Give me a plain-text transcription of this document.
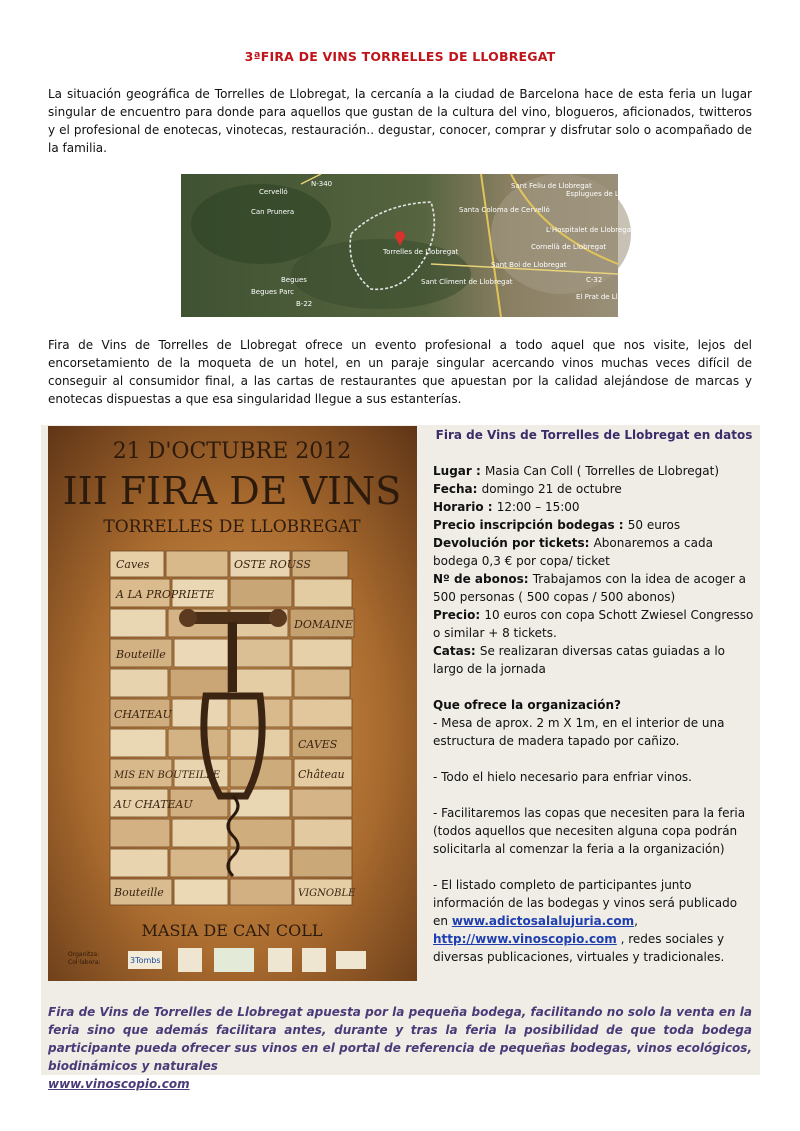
3ªFIRA DE VINS TORRELLES DE LLOBREGAT

La situación geográfica de Torrelles de Llobregat, la cercanía a la ciudad de Barcelona hace de esta feria un lugar singular de encuentro para donde para aquellos que gustan de la cultura del vino, blogueros, aficionados, twitteros y el profesional de enotecas, vinotecas, restauración.. degustar, conocer, comprar y disfrutar solo o acompañado de la familia.

N-340
Cervelló
Sant Feliu de Llobregat
Esplugues de Llobregat
Can Prunera	Santa Coloma de Cervelló
L'Hospitalet de Llobregat
Torrelles de Llobregat
Cornellà de Llobregat
Sant Boi de Llobregat
Begues	Sant Climent de Llobregat
Begues Parc
B-22
El Prat de Llobregat
C-32

Fira de Vins de Torrelles de Llobregat ofrece un evento profesional a todo aquel que nos visite, lejos del encorsetamiento de la moqueta de un hotel, en un paraje singular acercando vinos muchas veces difícil de conseguir al consumidor final, a las cartas de restaurantes que apuestan por la calidad alejándose de marcas y enotecas dispuestas a que esa singularidad llegue a sus estanterías.

21 D'OCTUBRE 2012
III FIRA DE VINS
TORRELLES DE LLOBREGAT
Caves
A LA PROPRIETE
OSTE ROUSS
DOMAINE
Bouteille
CHATEAU
MIS EN BOUTEILLE
AU CHATEAU
Château
CAVES
Bouteille	VIGNOBLE
MASIA DE CAN COLL
Organitza:
Col·labora:	3Tombs

Fira de Vins de Torrelles de Llobregat en datos

Lugar : Masia Can Coll ( Torrelles de Llobregat)

Fecha: domingo 21 de octubre

Horario : 12:00 – 15:00

Precio inscripción bodegas : 50 euros

Devolución por tickets: Abonaremos a cada bodega 0,3 € por copa/ ticket

Nº de abonos: Trabajamos con la idea de acoger a 500 personas ( 500 copas / 500 abonos)

Precio: 10 euros con copa Schott Zwiesel Congresso o similar + 8 tickets.

Catas: Se realizaran diversas catas guiadas a lo largo de la jornada

Que ofrece la organización?

- Mesa de aprox. 2 m X 1m, en el interior de una estructura de madera tapado por cañizo.

- Todo el hielo necesario para enfriar vinos.

- Facilitaremos las copas que necesiten para la feria (todos aquellos que necesiten alguna copa podrán solicitarla al comenzar la feria a la organización)

- El listado completo de participantes junto información de las bodegas y vinos será publicado en www.adictosalalujuria.com,
http://www.vinoscopio.com , redes sociales y diversas publicaciones, virtuales y tradicionales.

Fira de Vins de Torrelles de Llobregat apuesta por la pequeña bodega, facilitando no solo la venta en la feria sino que además facilitara antes, durante y tras la feria la posibilidad de que toda bodega participante pueda ofrecer sus vinos en el portal de referencia de pequeñas bodegas, vinos ecológicos, biodinámicos y naturales
www.vinoscopio.com
